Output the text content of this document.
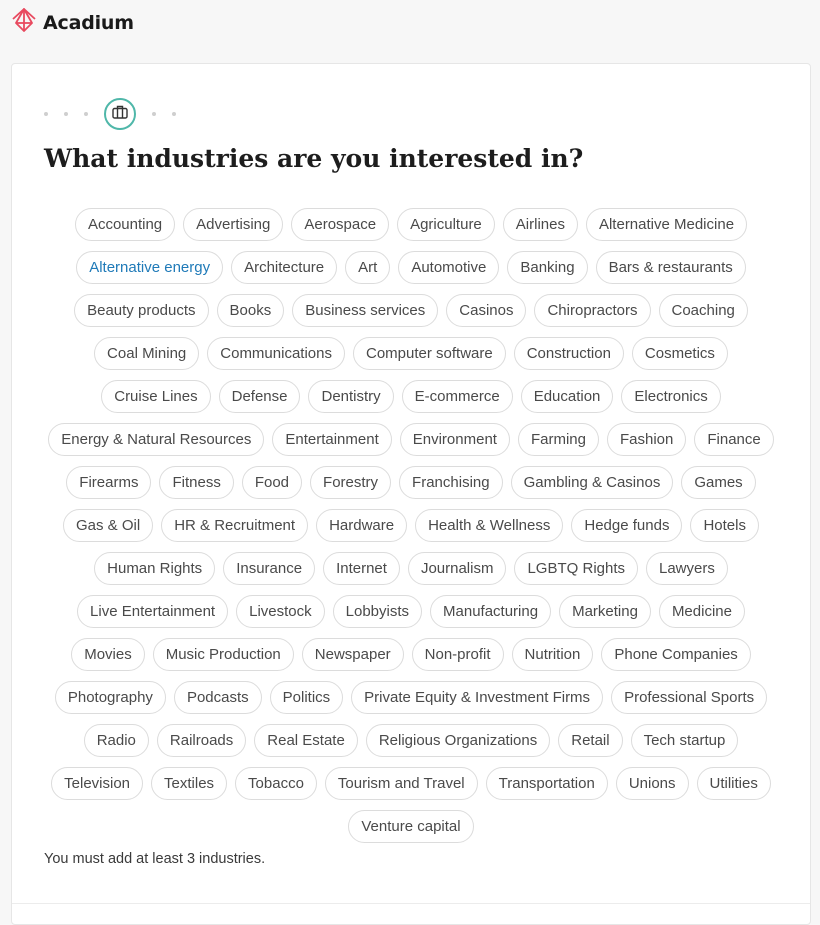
Acadium
What industries are you interested in?
Accounting	Advertising	Aerospace	Agriculture	Airlines	Alternative Medicine
Alternative energy	Architecture	Art	Automotive	Banking	Bars & restaurants
Beauty products	Books	Business services	Casinos	Chiropractors	Coaching
Coal Mining	Communications	Computer software	Construction	Cosmetics
Cruise Lines	Defense	Dentistry	E-commerce	Education	Electronics
Energy & Natural Resources	Entertainment	Environment	Farming	Fashion	Finance
Firearms	Fitness	Food	Forestry	Franchising	Gambling & Casinos	Games
Gas & Oil	HR & Recruitment	Hardware	Health & Wellness	Hedge funds	Hotels
Human Rights	Insurance	Internet	Journalism	LGBTQ Rights	Lawyers
Live Entertainment	Livestock	Lobbyists	Manufacturing	Marketing	Medicine
Movies	Music Production	Newspaper	Non-profit	Nutrition	Phone Companies
Photography	Podcasts	Politics	Private Equity & Investment Firms	Professional Sports
Radio	Railroads	Real Estate	Religious Organizations	Retail	Tech startup
Television	Textiles	Tobacco	Tourism and Travel	Transportation	Unions	Utilities
Venture capital
You must add at least 3 industries.
